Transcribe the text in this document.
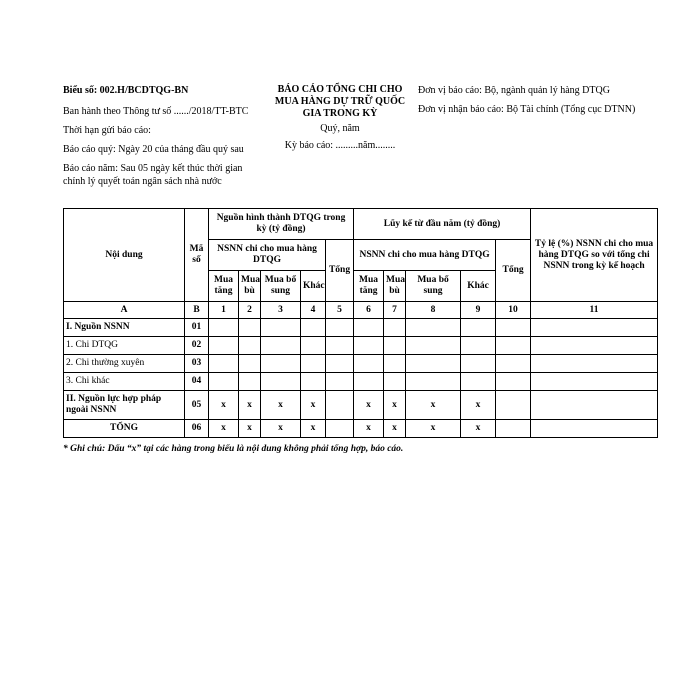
Biểu số: 002.H/BCDTQG-BN

Ban hành theo Thông tư số ....../2018/TT-BTC

Thời hạn gửi báo cáo:

Báo cáo quý: Ngày 20 của tháng đầu quý sau

Báo cáo năm: Sau 05 ngày kết thúc thời gian chỉnh lý quyết toán ngân sách nhà nước

BÁO CÁO TỔNG CHI CHO MUA HÀNG DỰ TRỮ QUỐC GIA TRONG KỲ

Quý, năm
Kỳ báo cáo: .........năm........

Đơn vị báo cáo: Bộ, ngành quản lý hàng DTQG

Đơn vị nhận báo cáo: Bộ Tài chính (Tổng cục DTNN)

Nội dung	Mã số	Nguồn hình thành DTQG trong kỳ (tỷ đồng)					Lũy kế từ đầu năm (tỷ đồng)					Tỷ lệ (%) NSNN chi cho mua hàng DTQG so với tổng chi NSNN trong kỳ kế hoạch
		NSNN chi cho mua hàng DTQG				Tổng	NSNN chi cho mua hàng DTQG				Tổng	
		Mua tăng	Mua bù	Mua bổ sung	Khác		Mua tăng	Mua bù	Mua bổ sung	Khác		
A	B	1	2	3	4	5	6	7	8	9	10	11
I. Nguồn NSNN	01											
1. Chi DTQG	02											
2. Chi thường xuyên	03											
3. Chi khác	04											
II. Nguồn lực hợp pháp ngoài NSNN	05	x	x	x	x		x	x	x	x		
TỔNG	06	x	x	x	x		x	x	x	x		
* Ghi chú: Dấu “x” tại các hàng trong biểu là nội dung không phải tổng hợp, báo cáo.
